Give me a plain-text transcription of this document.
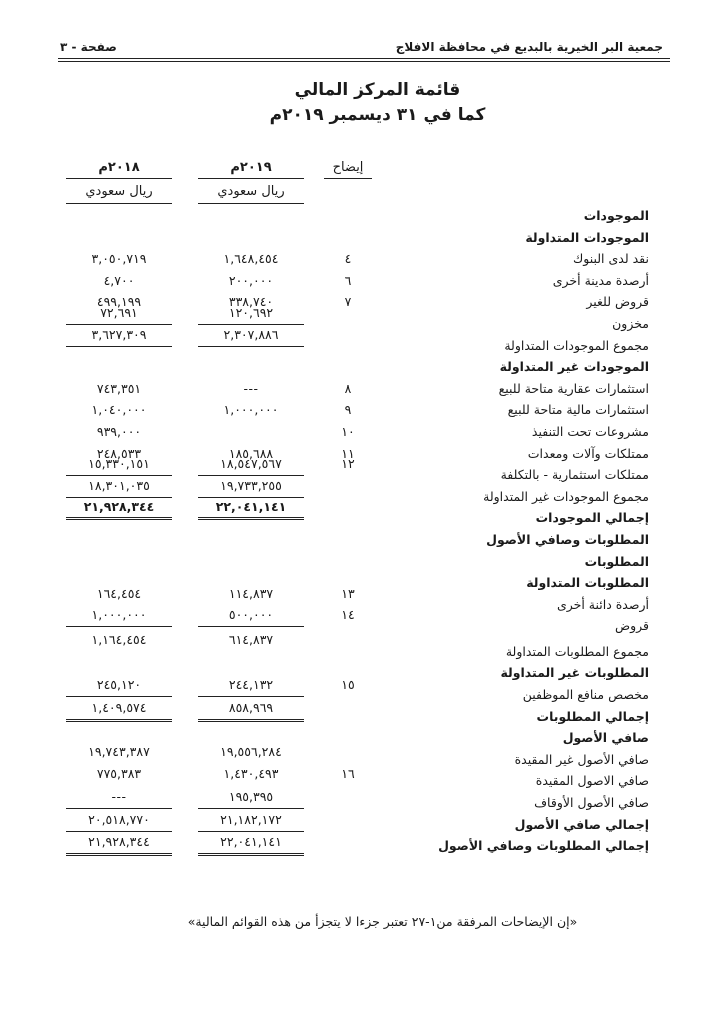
جمعية البر الخيرية بالبديع في محافظة الافلاج
صفحة - ٣
قائمة المركز المالي
كما في ٣١ ديسمبر ٢٠١٩م
إيضاح
٢٠١٩م
٢٠١٨م
ريال سعودي
ريال سعودي
الموجودات
الموجودات المتداولة
نقد لدى البنوك
٤
١,٦٤٨,٤٥٤
٣,٠٥٠,٧١٩
أرصدة مدينة أخرى
٦
٢٠٠,٠٠٠
٤,٧٠٠
قروض للغير
٧
٣٣٨,٧٤٠
٤٩٩,١٩٩
مخزون
١٢٠,٦٩٢
٧٢,٦٩١
مجموع الموجودات المتداولة
٢,٣٠٧,٨٨٦
٣,٦٢٧,٣٠٩
الموجودات غير المتداولة
استثمارات عقارية متاحة للبيع
٨
---
٧٤٣,٣٥١
استثمارات مالية متاحة للبيع
٩
١,٠٠٠,٠٠٠
١,٠٤٠,٠٠٠
مشروعات تحت التنفيذ
١٠
٩٣٩,٠٠٠
ممتلكات وآلات ومعدات
١١
١٨٥,٦٨٨
٢٤٨,٥٣٣
ممتلكات استثمارية - بالتكلفة
١٢
١٨,٥٤٧,٥٦٧
١٥,٣٣٠,١٥١
مجموع الموجودات غير المتداولة
١٩,٧٣٣,٢٥٥
١٨,٣٠١,٠٣٥
إجمالي الموجودات
٢٢,٠٤١,١٤١
٢١,٩٢٨,٣٤٤
المطلوبات وصافي الأصول
المطلوبات
المطلوبات المتداولة
أرصدة دائنة أخرى
١٣
١١٤,٨٣٧
١٦٤,٤٥٤
قروض
١٤
٥٠٠,٠٠٠
١,٠٠٠,٠٠٠
مجموع المطلوبات المتداولة
٦١٤,٨٣٧
١,١٦٤,٤٥٤
المطلوبات غير المتداولة
مخصص منافع الموظفين
١٥
٢٤٤,١٣٢
٢٤٥,١٢٠
إجمالي المطلوبات
٨٥٨,٩٦٩
١,٤٠٩,٥٧٤
صافي الأصول
صافي الأصول غير المقيدة
١٩,٥٥٦,٢٨٤
١٩,٧٤٣,٣٨٧
صافي الاصول المقيدة
١٦
١,٤٣٠,٤٩٣
٧٧٥,٣٨٣
صافي الأصول الأوقاف
١٩٥,٣٩٥
---
إجمالي صافي الأصول
٢١,١٨٢,١٧٢
٢٠,٥١٨,٧٧٠
إجمالي المطلوبات وصافي الأصول
٢٢,٠٤١,١٤١
٢١,٩٢٨,٣٤٤
«إن الإيضاحات المرفقة من١-٢٧ تعتبر جزءا لا يتجزأ من هذه القوائم المالية»
